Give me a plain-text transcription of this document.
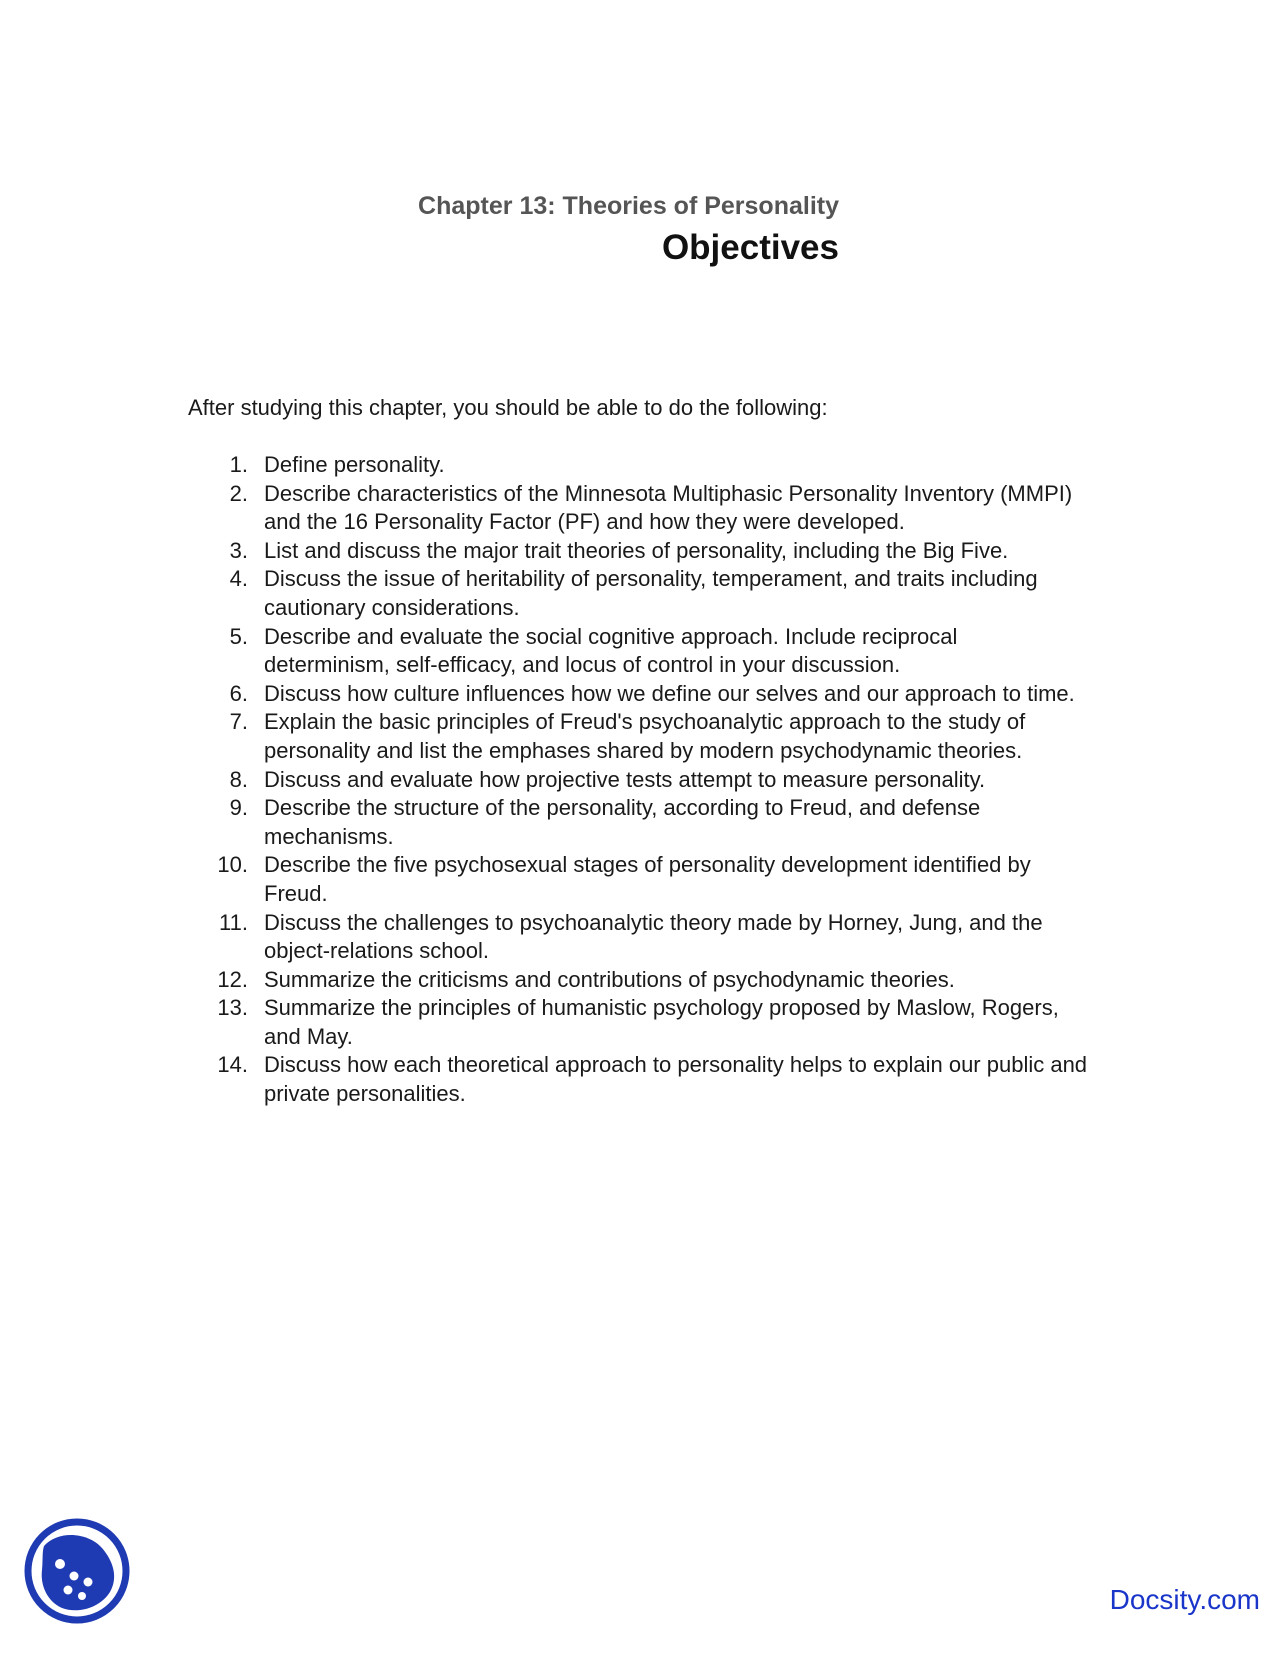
Chapter 13: Theories of Personality
Objectives
After studying this chapter, you should be able to do the following:
1. Define personality.
2. Describe characteristics of the Minnesota Multiphasic Personality Inventory (MMPI) and the 16 Personality Factor (PF) and how they were developed.
3. List and discuss the major trait theories of personality, including the Big Five.
4. Discuss the issue of heritability of personality, temperament, and traits including cautionary considerations.
5. Describe and evaluate the social cognitive approach. Include reciprocal determinism, self-efficacy, and locus of control in your discussion.
6. Discuss how culture influences how we define our selves and our approach to time.
7. Explain the basic principles of Freud's psychoanalytic approach to the study of personality and list the emphases shared by modern psychodynamic theories.
8. Discuss and evaluate how projective tests attempt to measure personality.
9. Describe the structure of the personality, according to Freud, and defense mechanisms.
10. Describe the five psychosexual stages of personality development identified by Freud.
11. Discuss the challenges to psychoanalytic theory made by Horney, Jung, and the object-relations school.
12. Summarize the criticisms and contributions of psychodynamic theories.
13. Summarize the principles of humanistic psychology proposed by Maslow, Rogers, and May.
14. Discuss how each theoretical approach to personality helps to explain our public and private personalities.
Docsity.com
